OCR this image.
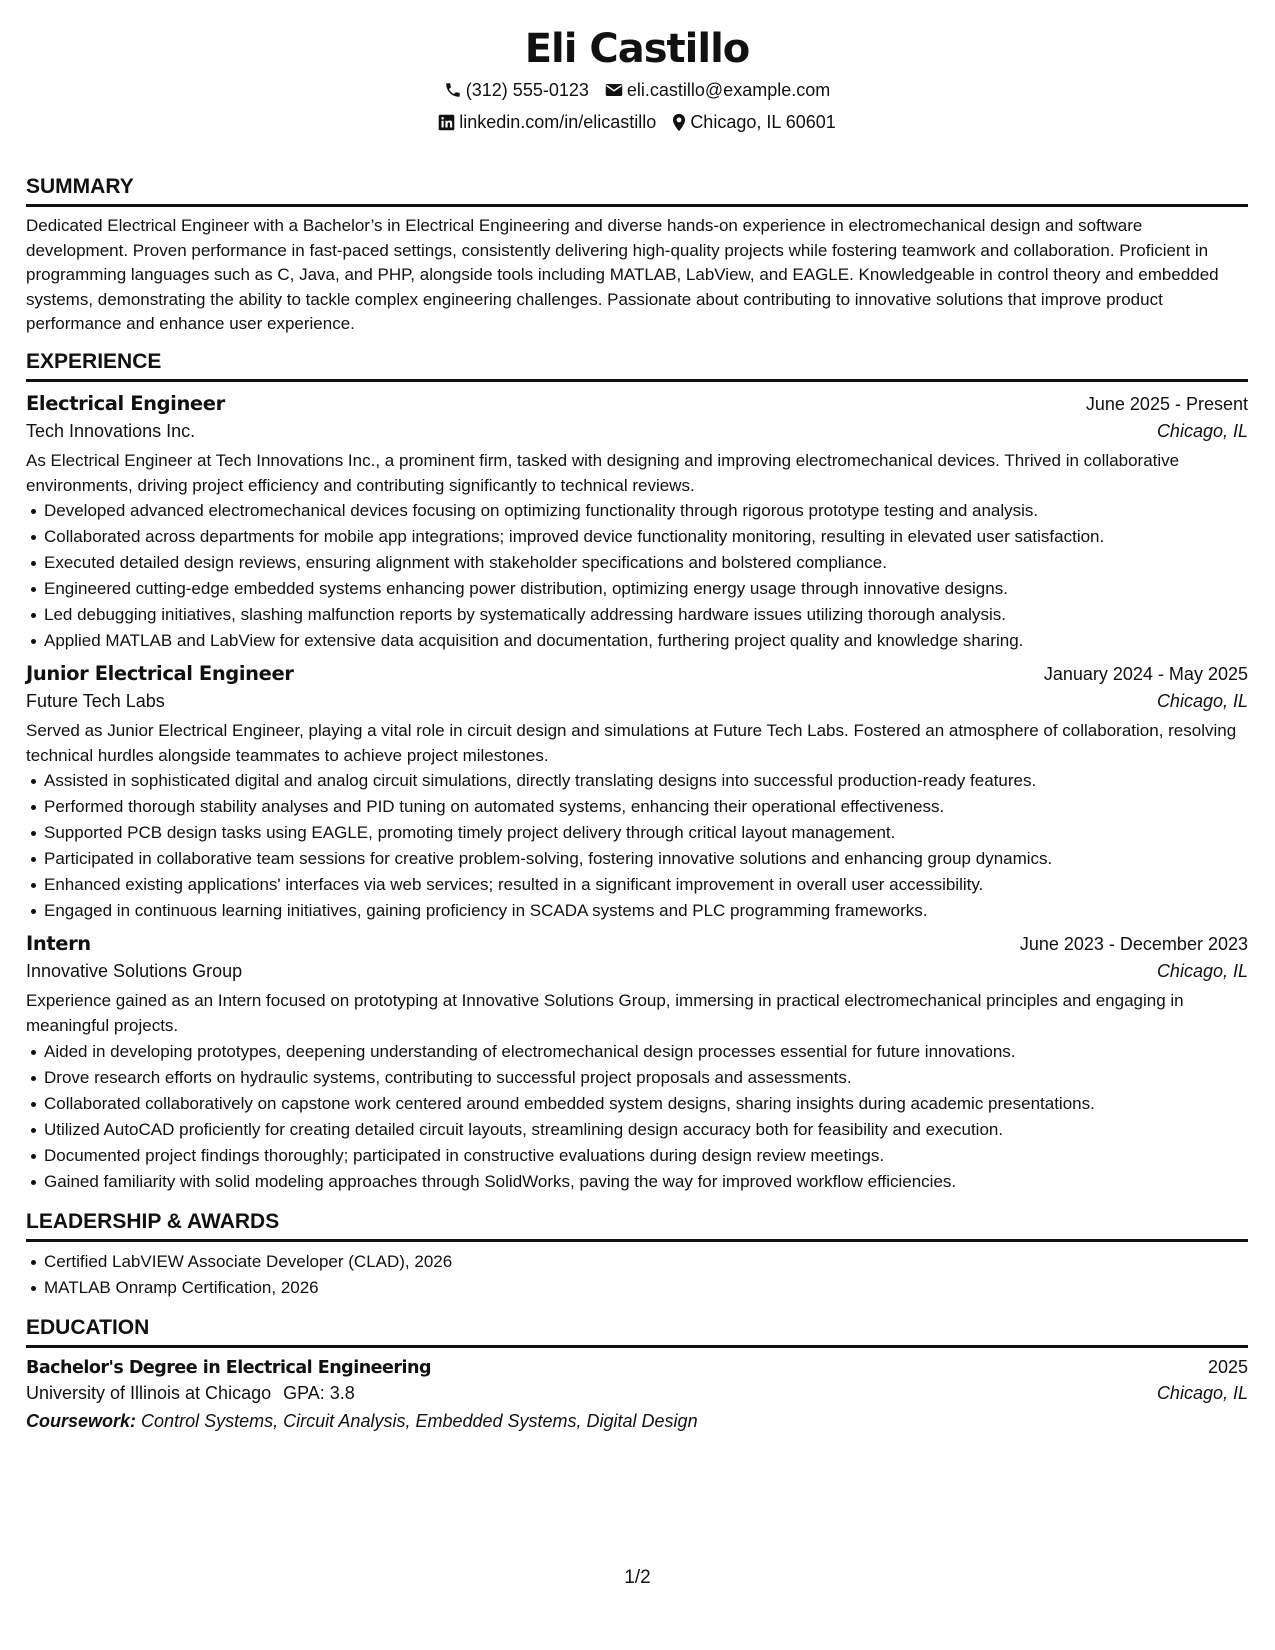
Eli Castillo
(312) 555-0123 eli.castillo@example.com
linkedin.com/in/elicastillo Chicago, IL 60601
SUMMARY
Dedicated Electrical Engineer with a Bachelor’s in Electrical Engineering and diverse hands-on experience in electromechanical design and software development. Proven performance in fast-paced settings, consistently delivering high-quality projects while fostering teamwork and collaboration. Proficient in programming languages such as C, Java, and PHP, alongside tools including MATLAB, LabView, and EAGLE. Knowledgeable in control theory and embedded systems, demonstrating the ability to tackle complex engineering challenges. Passionate about contributing to innovative solutions that improve product performance and enhance user experience.
EXPERIENCE
Electrical Engineer	June 2025 - Present
Tech Innovations Inc.	Chicago, IL
As Electrical Engineer at Tech Innovations Inc., a prominent firm, tasked with designing and improving electromechanical devices. Thrived in collaborative environments, driving project efficiency and contributing significantly to technical reviews.
Developed advanced electromechanical devices focusing on optimizing functionality through rigorous prototype testing and analysis.
Collaborated across departments for mobile app integrations; improved device functionality monitoring, resulting in elevated user satisfaction.
Executed detailed design reviews, ensuring alignment with stakeholder specifications and bolstered compliance.
Engineered cutting-edge embedded systems enhancing power distribution, optimizing energy usage through innovative designs.
Led debugging initiatives, slashing malfunction reports by systematically addressing hardware issues utilizing thorough analysis.
Applied MATLAB and LabView for extensive data acquisition and documentation, furthering project quality and knowledge sharing.
Junior Electrical Engineer	January 2024 - May 2025
Future Tech Labs	Chicago, IL
Served as Junior Electrical Engineer, playing a vital role in circuit design and simulations at Future Tech Labs. Fostered an atmosphere of collaboration, resolving technical hurdles alongside teammates to achieve project milestones.
Assisted in sophisticated digital and analog circuit simulations, directly translating designs into successful production-ready features.
Performed thorough stability analyses and PID tuning on automated systems, enhancing their operational effectiveness.
Supported PCB design tasks using EAGLE, promoting timely project delivery through critical layout management.
Participated in collaborative team sessions for creative problem-solving, fostering innovative solutions and enhancing group dynamics.
Enhanced existing applications' interfaces via web services; resulted in a significant improvement in overall user accessibility.
Engaged in continuous learning initiatives, gaining proficiency in SCADA systems and PLC programming frameworks.
Intern	June 2023 - December 2023
Innovative Solutions Group	Chicago, IL
Experience gained as an Intern focused on prototyping at Innovative Solutions Group, immersing in practical electromechanical principles and engaging in meaningful projects.
Aided in developing prototypes, deepening understanding of electromechanical design processes essential for future innovations.
Drove research efforts on hydraulic systems, contributing to successful project proposals and assessments.
Collaborated collaboratively on capstone work centered around embedded system designs, sharing insights during academic presentations.
Utilized AutoCAD proficiently for creating detailed circuit layouts, streamlining design accuracy both for feasibility and execution.
Documented project findings thoroughly; participated in constructive evaluations during design review meetings.
Gained familiarity with solid modeling approaches through SolidWorks, paving the way for improved workflow efficiencies.
LEADERSHIP & AWARDS
Certified LabVIEW Associate Developer (CLAD), 2026
MATLAB Onramp Certification, 2026
EDUCATION
Bachelor's Degree in Electrical Engineering	2025
University of Illinois at Chicago GPA: 3.8	Chicago, IL
Coursework: Control Systems, Circuit Analysis, Embedded Systems, Digital Design
1/2
